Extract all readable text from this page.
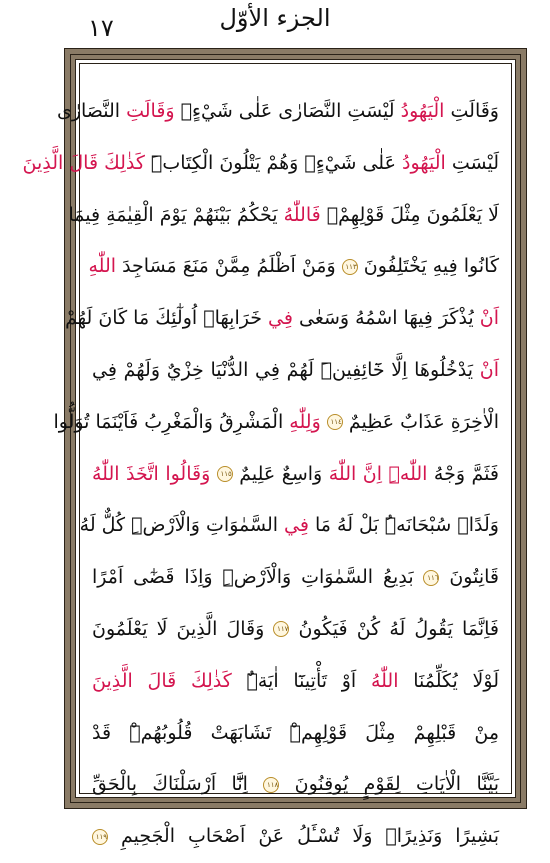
١٧	الجزء الأوّل
وَقَالَتِ الْيَهُودُ لَيْسَتِ النَّصَارٰى عَلٰى شَيْءٍۖ وَقَالَتِ النَّصَارٰى
لَيْسَتِ الْيَهُودُ عَلٰى شَيْءٍۙ وَهُمْ يَتْلُونَ الْكِتَابَۜ كَذٰلِكَ قَالَ الَّذِينَ
لَا يَعْلَمُونَ مِثْلَ قَوْلِهِمْۚ فَاللّٰهُ يَحْكُمُ بَيْنَهُمْ يَوْمَ الْقِيٰمَةِ فِيمَا
كَانُوا فِيهِ يَخْتَلِفُونَ ١١٣ وَمَنْ اَظْلَمُ مِمَّنْ مَنَعَ مَسَاجِدَ اللّٰهِ
اَنْ يُذْكَرَ فِيهَا اسْمُهُ وَسَعٰى فِي خَرَابِهَاۜ اُولٰٓئِكَ مَا كَانَ لَهُمْ
اَنْ يَدْخُلُوهَا اِلَّا خَٓائِفِينَۜ لَهُمْ فِي الدُّنْيَا خِزْيٌ وَلَهُمْ فِي
الْاٰخِرَةِ عَذَابٌ عَظِيمٌ ١١٤ وَلِلّٰهِ الْمَشْرِقُ وَالْمَغْرِبُ فَاَيْنَمَا تُوَلُّوا
فَثَمَّ وَجْهُ اللّٰهِۜ اِنَّ اللّٰهَ وَاسِعٌ عَلِيمٌ ١١٥ وَقَالُوا اتَّخَذَ اللّٰهُ
وَلَدًاۙ سُبْحَانَهُۜ بَلْ لَهُ مَا فِي السَّمٰوَاتِ وَالْاَرْضِۜ كُلٌّ لَهُ
قَانِتُونَ ١١٦ بَدِيعُ السَّمٰوَاتِ وَالْاَرْضِۜ وَاِذَا قَضٰٓى اَمْرًا
فَاِنَّمَا يَقُولُ لَهُ كُنْ فَيَكُونُ ١١٧ وَقَالَ الَّذِينَ لَا يَعْلَمُونَ
لَوْلَا يُكَلِّمُنَا اللّٰهُ اَوْ تَأْتِينَٓا اٰيَةٌۜ كَذٰلِكَ قَالَ الَّذِينَ
مِنْ قَبْلِهِمْ مِثْلَ قَوْلِهِمْۜ تَشَابَهَتْ قُلُوبُهُمْۜ قَدْ
بَيَّنَّا الْاٰيَاتِ لِقَوْمٍ يُوقِنُونَ ١١٨ اِنَّٓا اَرْسَلْنَاكَ بِالْحَقِّ
بَشِيرًا وَنَذِيرًاۙ وَلَا تُسْـَٔلُ عَنْ اَصْحَابِ الْجَحِيمِ ١١٩
